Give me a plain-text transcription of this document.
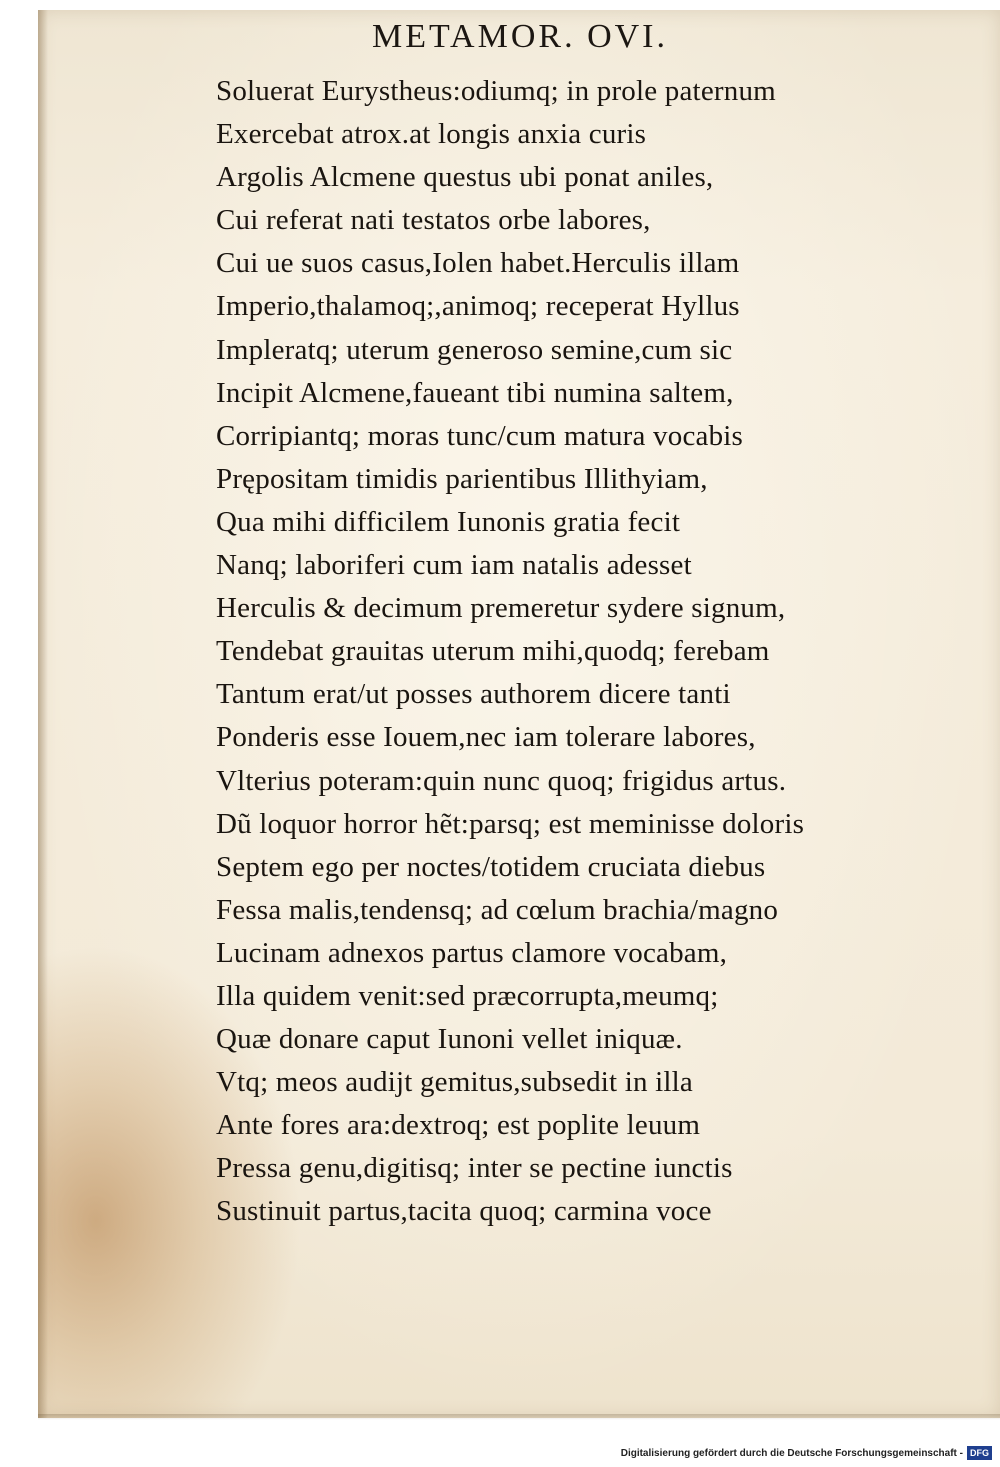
METAMOR. OVI.
Soluerat Eurystheus:odiumq; in prole paternum
Exercebat atrox.at longis anxia curis
Argolis Alcmene questus ubi ponat aniles,
Cui referat nati testatos orbe labores,
Cui ue suos casus,Iolen habet.Herculis illam
Imperio,thalamoq;,animoq; receperat Hyllus
Impleratq; uterum generoso semine,cum sic
Incipit Alcmene,faueant tibi numina saltem,
Corripiantq; moras tunc/cum matura vocabis
Prępositam timidis parientibus Illithyiam,
Qua mihi difficilem Iunonis gratia fecit
Nanq; laboriferi cum iam natalis adesset
Herculis & decimum premeretur sydere signum,
Tendebat grauitas uterum mihi,quodq; ferebam
Tantum erat/ut posses authorem dicere tanti
Ponderis esse Iouem,nec iam tolerare labores,
Vlterius poteram:quin nunc quoq; frigidus artus.
Dũ loquor horror hẽt:parsq; est meminisse doloris
Septem ego per noctes/totidem cruciata diebus
Fessa malis,tendensq; ad cœlum brachia/magno
Lucinam adnexos partus clamore vocabam,
Illa quidem venit:sed præcorrupta,meumq;
Quæ donare caput Iunoni vellet iniquæ.
Vtq; meos audijt gemitus,subsedit in illa
Ante fores ara:dextroq; est poplite leuum
Pressa genu,digitisq; inter se pectine iunctis
Sustinuit partus,tacita quoq; carmina voce
Digitalisierung gefördert durch die Deutsche Forschungsgemeinschaft - DFG
